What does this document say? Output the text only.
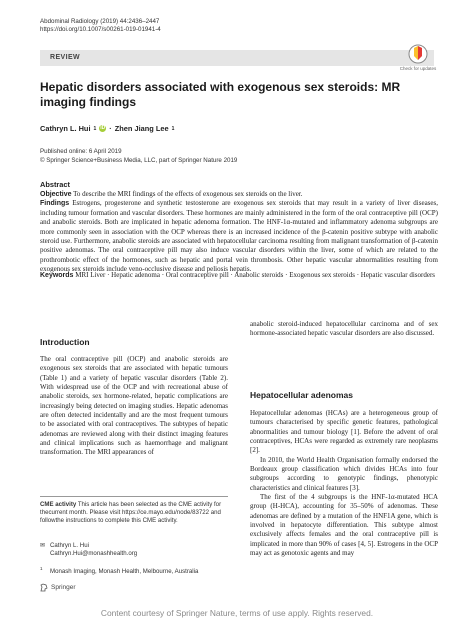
Abdominal Radiology (2019) 44:2436–2447
https://doi.org/10.1007/s00261-019-01941-4
REVIEW
Check for updates
Hepatic disorders associated with exogenous sex steroids: MR imaging findings
Cathryn L. Hui 1 iD · Zhen Jiang Lee 1
Published online: 6 April 2019
© Springer Science+Business Media, LLC, part of Springer Nature 2019
Abstract
Objective To describe the MRI findings of the effects of exogenous sex steroids on the liver.
Findings Estrogens, progesterone and synthetic testosterone are exogenous sex steroids that may result in a variety of liver diseases, including tumour formation and vascular disorders. These hormones are mainly administered in the form of the oral contraceptive pill (OCP) and anabolic steroids. Both are implicated in hepatic adenoma formation. The HNF-1α-mutated and inflammatory adenoma subgroups are more commonly seen in association with the OCP whereas there is an increased incidence of the β-catenin positive subtype with anabolic steroid use. Furthermore, anabolic steroids are associated with hepatocellular carcinoma resulting from malignant transformation of β-catenin positive adenomas. The oral contraceptive pill may also induce vascular disorders within the liver, some of which are related to the prothrombotic effect of the hormones, such as hepatic and portal vein thrombosis. Other hepatic vascular abnormalities resulting from exogenous sex steroids include veno-occlusive disease and peliosis hepatis.
Keywords MRI Liver · Hepatic adenoma · Oral contraceptive pill · Anabolic steroids · Exogenous sex steroids · Hepatic vascular disorders
Introduction
The oral contraceptive pill (OCP) and anabolic steroids are exogenous sex steroids that are associated with hepatic tumours (Table 1) and a variety of hepatic vascular disorders (Table 2). With widespread use of the OCP and with recreational abuse of anabolic steroids, sex hormone-related, hepatic complications are increasingly being detected on imaging studies. Hepatic adenomas are often detected incidentally and are the most frequent tumours to be associated with oral contraceptives. The subtypes of hepatic adenomas are reviewed along with their distinct imaging features and clinical implications such as haemorrhage and malignant transformation. The MRI appearances of
CME activity This article has been selected as the CME activity for thecurrent month. Please visit https://ce.mayo.edu/node/83722 and followthe instructions to complete this CME activity.
✉ Cathryn L. Hui
Cathryn.Hui@monashhealth.org
$^1$ Monash Imaging, Monash Health, Melbourne, Australia
Springer
anabolic steroid-induced hepatocellular carcinoma and of sex hormone-associated hepatic vascular disorders are also discussed.
Hepatocellular adenomas
Hepatocellular adenomas (HCAs) are a heterogeneous group of tumours characterised by specific genetic features, pathological abnormalities and tumour biology [1]. Before the advent of oral contraceptives, HCAs were regarded as extremely rare neoplasms [2].
In 2010, the World Health Organisation formally endorsed the Bordeaux group classification which divides HCAs into four subgroups according to genotypic findings, phenotypic characteristics and clinical features [3].
The first of the 4 subgroups is the HNF-1α-mutated HCA group (H-HCA), accounting for 35–50% of adenomas. These adenomas are defined by a mutation of the HNF1A gene, which is involved in hepatocyte differentiation. This subtype almost exclusively affects females and the oral contraceptive pill is implicated in more than 90% of cases [4, 5]. Estrogens in the OCP may act as genotoxic agents and may
Content courtesy of Springer Nature, terms of use apply. Rights reserved.
